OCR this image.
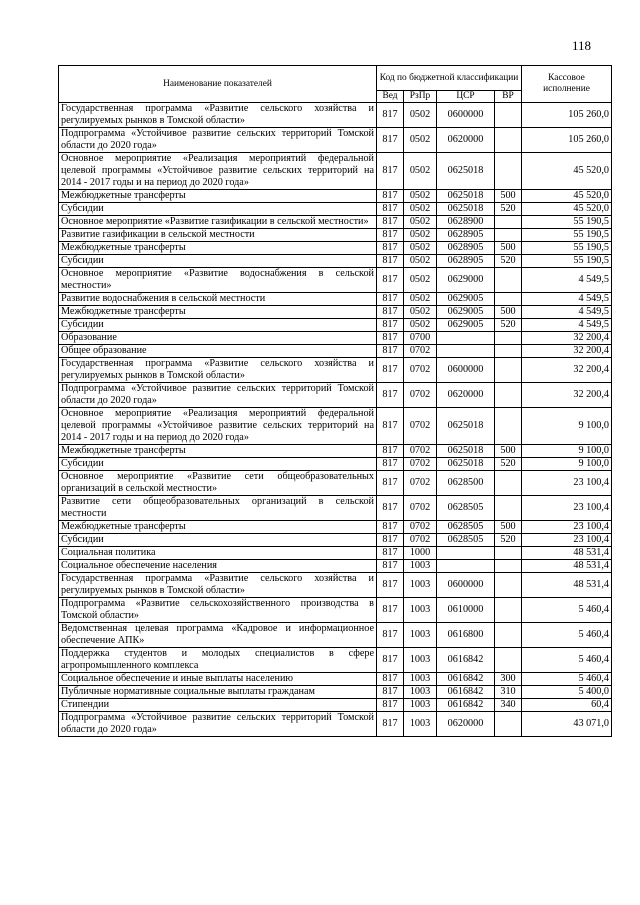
118
Наименование показателей	Код по бюджетной классификации				Кассовое исполнение
	Вед	РзПр	ЦСР	ВР	
Государственная программа «Развитие сельского хозяйства и регулируемых рынков в Томской области»	817	0502	0600000		105 260,0
Подпрограмма «Устойчивое развитие сельских территорий Томской области до 2020 года»	817	0502	0620000		105 260,0
Основное мероприятие «Реализация мероприятий федеральной целевой программы «Устойчивое развитие сельских территорий на 2014 - 2017 годы и на период до 2020 года»	817	0502	0625018		45 520,0
Межбюджетные трансферты	817	0502	0625018	500	45 520,0
Субсидии	817	0502	0625018	520	45 520,0
Основное мероприятие «Развитие газификации в сельской местности»	817	0502	0628900		55 190,5
Развитие газификации в сельской местности	817	0502	0628905		55 190,5
Межбюджетные трансферты	817	0502	0628905	500	55 190,5
Субсидии	817	0502	0628905	520	55 190,5
Основное мероприятие «Развитие водоснабжения в сельской местности»	817	0502	0629000		4 549,5
Развитие водоснабжения в сельской местности	817	0502	0629005		4 549,5
Межбюджетные трансферты	817	0502	0629005	500	4 549,5
Субсидии	817	0502	0629005	520	4 549,5
Образование	817	0700			32 200,4
Общее образование	817	0702			32 200,4
Государственная программа «Развитие сельского хозяйства и регулируемых рынков в Томской области»	817	0702	0600000		32 200,4
Подпрограмма «Устойчивое развитие сельских территорий Томской области до 2020 года»	817	0702	0620000		32 200,4
Основное мероприятие «Реализация мероприятий федеральной целевой программы «Устойчивое развитие сельских территорий на 2014 - 2017 годы и на период до 2020 года»	817	0702	0625018		9 100,0
Межбюджетные трансферты	817	0702	0625018	500	9 100,0
Субсидии	817	0702	0625018	520	9 100,0
Основное мероприятие «Развитие сети общеобразовательных организаций в сельской местности»	817	0702	0628500		23 100,4
Развитие сети общеобразовательных организаций в сельской местности	817	0702	0628505		23 100,4
Межбюджетные трансферты	817	0702	0628505	500	23 100,4
Субсидии	817	0702	0628505	520	23 100,4
Социальная политика	817	1000			48 531,4
Социальное обеспечение населения	817	1003			48 531,4
Государственная программа «Развитие сельского хозяйства и регулируемых рынков в Томской области»	817	1003	0600000		48 531,4
Подпрограмма «Развитие сельскохозяйственного производства в Томской области»	817	1003	0610000		5 460,4
Ведомственная целевая программа «Кадровое и информационное обеспечение АПК»	817	1003	0616800		5 460,4
Поддержка студентов и молодых специалистов в сфере агропромышленного комплекса	817	1003	0616842		5 460,4
Социальное обеспечение и иные выплаты населению	817	1003	0616842	300	5 460,4
Публичные нормативные социальные выплаты гражданам	817	1003	0616842	310	5 400,0
Стипендии	817	1003	0616842	340	60,4
Подпрограмма «Устойчивое развитие сельских территорий Томской области до 2020 года»	817	1003	0620000		43 071,0
